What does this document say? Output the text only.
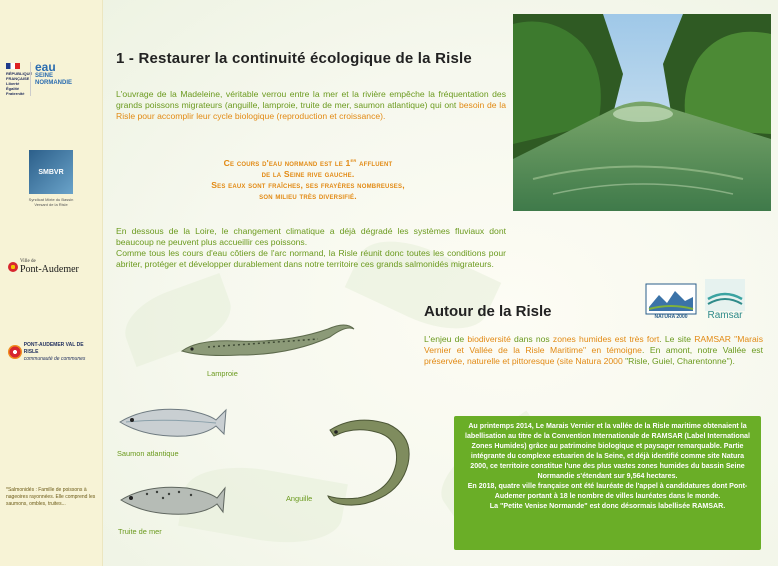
RÉPUBLIQUE
FRANÇAISE
Liberté
Égalité
Fraternité
eau
SEINE
NORMANDIE
SMBVR
Syndicat Mixte du Bassin Versant de la Risle
Ville de
Pont-Audemer
PONT-AUDEMER VAL DE RISLE
communauté de communes
*Salmonidés : Famille de poissons à nageoires rayonnées. Elle comprend les saumons, ombles, truites...
1 - Restaurer la continuité écologique de la Risle
L'ouvrage de la Madeleine, véritable verrou entre la mer et la rivière empêche la fréquentation des grands poissons migrateurs (anguille, lamproie, truite de mer, saumon atlantique) qui ont besoin de la Risle pour accomplir leur cycle biologique (reproduction et croissance).
Ce cours d'eau normand est le 1er affluent
de la Seine rive gauche.
Ses eaux sont fraîches, ses frayères nombreuses,
son milieu très diversifié.
En dessous de la Loire, le changement climatique a déjà dégradé les systèmes fluviaux dont beaucoup ne peuvent plus accueillir ces poissons.
Comme tous les cours d'eau côtiers de l'arc normand, la Risle réunit donc toutes les conditions pour abriter, protéger et développer durablement dans notre territoire ces grands salmonidés migrateurs.
Autour de la Risle	NATURA 2000	Ramsar
L'enjeu de biodiversité dans nos zones humides est très fort. Le site RAMSAR "Marais Vernier et Vallée de la Risle Maritime" en témoigne. En amont, notre Vallée est préservée, naturelle et pittoresque (site Natura 2000 "Risle, Guiel, Charentonne").
Au printemps 2014, Le Marais Vernier et la vallée de la Risle maritime obtenaient la labellisation au titre de la Convention Internationale de RAMSAR (Label International Zones Humides) grâce au patrimoine biologique et paysager remarquable. Partie intégrante du complexe estuarien de la Seine, et déjà identifié comme site Natura 2000, ce territoire constitue l'une des plus vastes zones humides du bassin Seine Normandie s'étendant sur 9,564 hectares.
En 2018, quatre ville française ont été lauréate de l'appel à candidatures dont Pont-Audemer portant à 18 le nombre de villes lauréates dans le monde.
La "Petite Venise Normande" est donc désormais labellisée RAMSAR.
Lamproie
Saumon atlantique
Truite de mer
Anguille
